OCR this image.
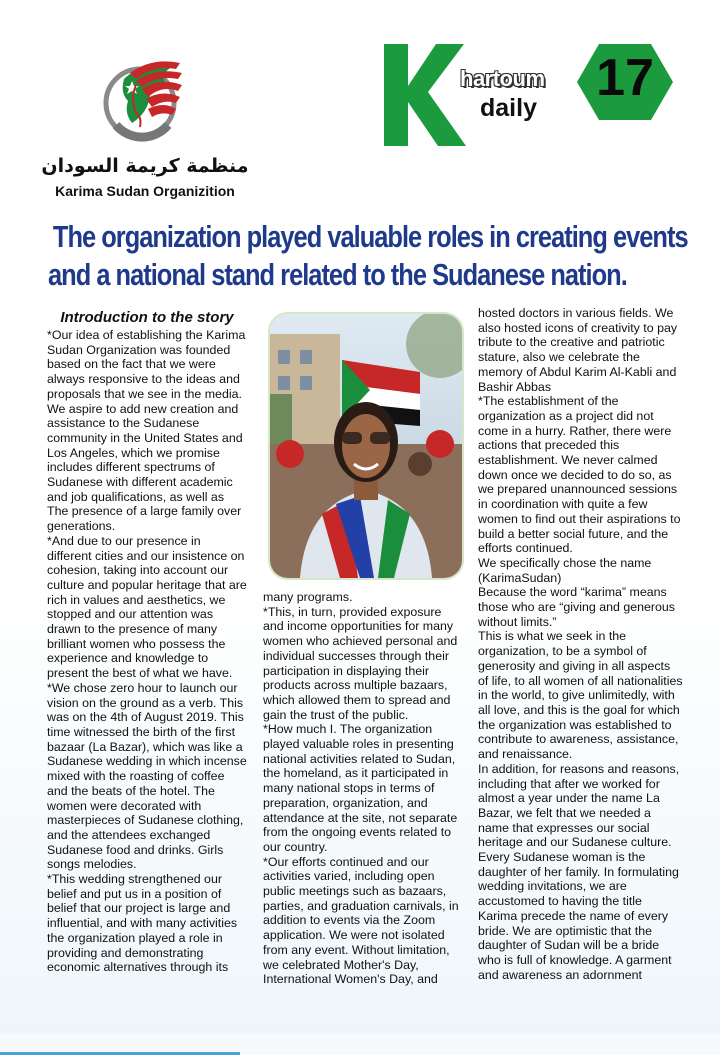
منظمة كريمة السودان
Karima Sudan Organizition
hartoum
daily
17
The organization played valuable roles in creating events
and a national stand related to the Sudanese nation.
Introduction to the story

*Our idea of establishing the Karima Sudan Organization was founded based on the fact that we were always responsive to the ideas and proposals that we see in the media. We aspire to add new creation and assistance to the Sudanese community in the United States and Los Angeles, which we promise includes different spectrums of Sudanese with different academic and job qualifications, as well as The presence of a large family over generations.

*And due to our presence in different cities and our insistence on cohesion, taking into account our culture and popular heritage that are rich in values and aesthetics, we stopped and our attention was drawn to the presence of many brilliant women who possess the experience and knowledge to present the best of what we have.

*We chose zero hour to launch our vision on the ground as a verb. This was on the 4th of August 2019. This time witnessed the birth of the first bazaar (La Bazar), which was like a Sudanese wedding in which incense mixed with the roasting of coffee and the beats of the hotel. The women were decorated with masterpieces of Sudanese clothing, and the attendees exchanged Sudanese food and drinks. Girls songs melodies.

*This wedding strengthened our belief and put us in a position of belief that our project is large and influential, and with many activities the organization played a role in providing and demonstrating economic alternatives through its

many programs.

*This, in turn, provided exposure and income opportunities for many women who achieved personal and individual successes through their participation in displaying their products across multiple bazaars, which allowed them to spread and gain the trust of the public.

*How much I. The organization played valuable roles in presenting national activities related to Sudan, the homeland, as it participated in many national stops in terms of preparation, organization, and attendance at the site, not separate from the ongoing events related to our country.

*Our efforts continued and our activities varied, including open public meetings such as bazaars, parties, and graduation carnivals, in addition to events via the Zoom application. We were not isolated from any event. Without limitation, we celebrated Mother's Day, International Women's Day, and

hosted doctors in various fields. We also hosted icons of creativity to pay tribute to the creative and patriotic stature, also we celebrate the memory of Abdul Karim Al-Kabli and Bashir Abbas

*The establishment of the organization as a project did not come in a hurry. Rather, there were actions that preceded this establishment. We never calmed down once we decided to do so, as we prepared unannounced sessions in coordination with quite a few women to find out their aspirations to build a better social future, and the efforts continued.

We specifically chose the name (KarimaSudan)

Because the word “karima” means those who are “giving and generous without limits.”

This is what we seek in the organization, to be a symbol of generosity and giving in all aspects of life, to all women of all nationalities in the world, to give unlimitedly, with all love, and this is the goal for which the organization was established to contribute to awareness, assistance, and renaissance.

In addition, for reasons and reasons, including that after we worked for almost a year under the name La Bazar, we felt that we needed a name that expresses our social heritage and our Sudanese culture. Every Sudanese woman is the daughter of her family. In formulating wedding invitations, we are accustomed to having the title Karima precede the name of every bride. We are optimistic that the daughter of Sudan will be a bride who is full of knowledge. A garment and awareness an adornment
